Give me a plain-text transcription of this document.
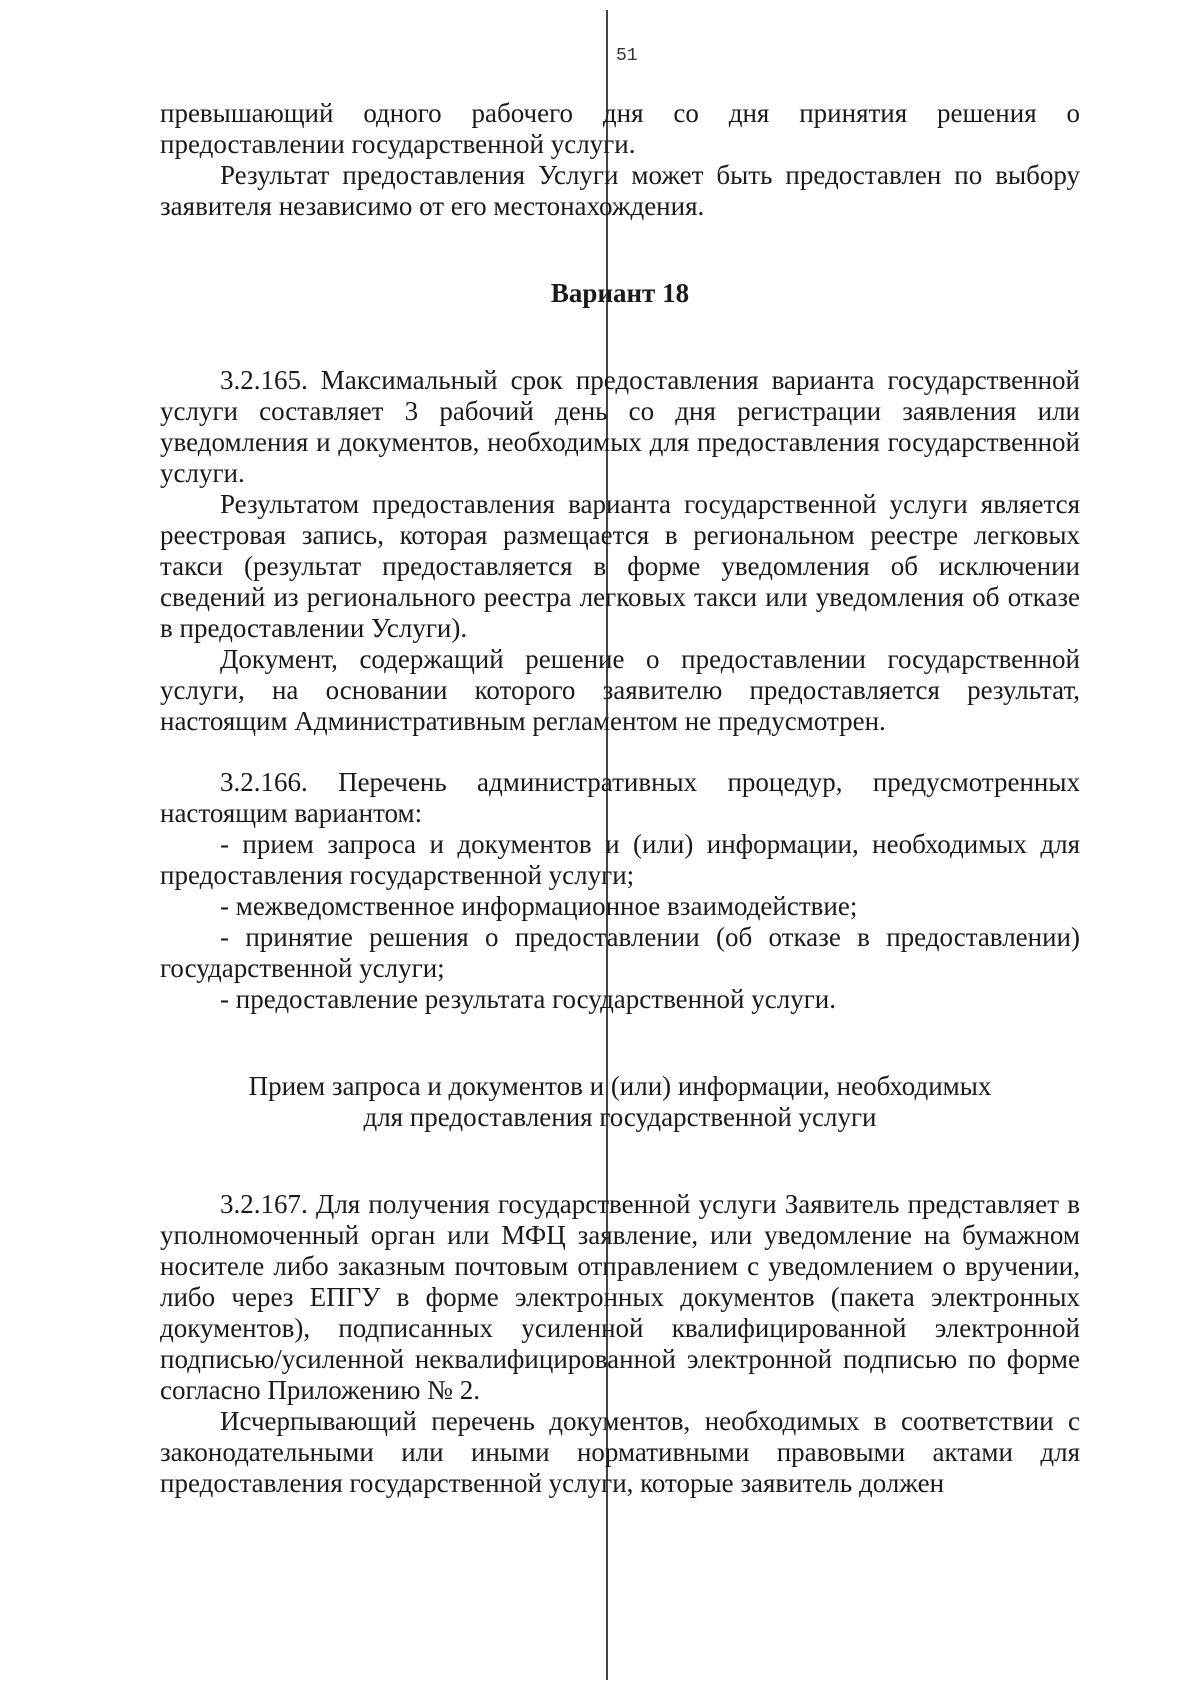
51

превышающий одного рабочего дня со дня принятия решения о предоставлении государственной услуги.

Результат предоставления Услуги может быть предоставлен по выбору заявителя независимо от его местонахождения.

Вариант 18

3.2.165. Максимальный срок предоставления варианта государственной услуги составляет 3 рабочий день со дня регистрации заявления или уведомления и документов, необходимых для предоставления государственной услуги.

Результатом предоставления варианта государственной услуги является реестровая запись, которая размещается в региональном реестре легковых такси (результат предоставляется в форме уведомления об исключении сведений из регионального реестра легковых такси или уведомления об отказе в предоставлении Услуги).

Документ, содержащий решение о предоставлении государственной услуги, на основании которого заявителю предоставляется результат, настоящим Административным регламентом не предусмотрен.

3.2.166. Перечень административных процедур, предусмотренных настоящим вариантом:

- прием запроса и документов и (или) информации, необходимых для предоставления государственной услуги;

- межведомственное информационное взаимодействие;

- принятие решения о предоставлении (об отказе в предоставлении) государственной услуги;

- предоставление результата государственной услуги.

Прием запроса и документов и (или) информации, необходимых

для предоставления государственной услуги

3.2.167. Для получения государственной услуги Заявитель представляет в уполномоченный орган или МФЦ заявление, или уведомление на бумажном носителе либо заказным почтовым отправлением с уведомлением о вручении, либо через ЕПГУ в форме электронных документов (пакета электронных документов), подписанных усиленной квалифицированной электронной подписью/усиленной неквалифицированной электронной подписью по форме согласно Приложению № 2.

Исчерпывающий перечень документов, необходимых в соответствии с законодательными или иными нормативными правовыми актами для предоставления государственной услуги, которые заявитель должен
